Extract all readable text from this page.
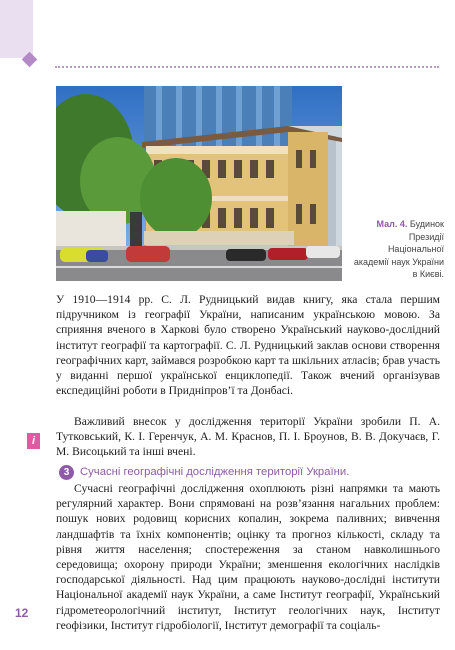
Мал. 4. Будинок Президії Національної академії наук України в Києві.

У 1910—1914 рр. С. Л. Рудницький видав книгу, яка стала першим підручником із географії України, написаним українською мовою. За сприяння вченого в Харкові було створено Український науково-дослідний інститут географії та картографії. С. Л. Рудницький заклав основи створення географічних карт, займався розробкою карт та шкільних атласів; брав участь у виданні першої української енциклопедії. Також вчений організував експедиційні роботи в Придніпров’ї та Донбасі.

Важливий внесок у дослідження території України зробили П. А. Тутковський, К. І. Геренчук, А. М. Краснов, П. І. Броунов, В. В. Докучаєв, Г. М. Висоцький та інші вчені.

i
3 Сучасні географічні дослідження території України.

Сучасні географічні дослідження охоплюють різні напрямки та мають регулярний характер. Вони спрямовані на розв’язання нагальних проблем: пошук нових родовищ корисних копалин, зокрема паливних; вивчення ландшафтів та їхніх компонентів; оцінку та прогноз кількості, складу та рівня життя населення; спостереження за станом навколишнього середовища; охорону природи України; зменшення екологічних наслідків господарської діяльності. Над цим працюють науково-дослідні інститути Національної академії наук України, а саме Інститут географії, Український гідрометеорологічний інститут, Інститут геологічних наук, Інститут геофізики, Інститут гідробіології, Інститут демографії та соціаль-

12
